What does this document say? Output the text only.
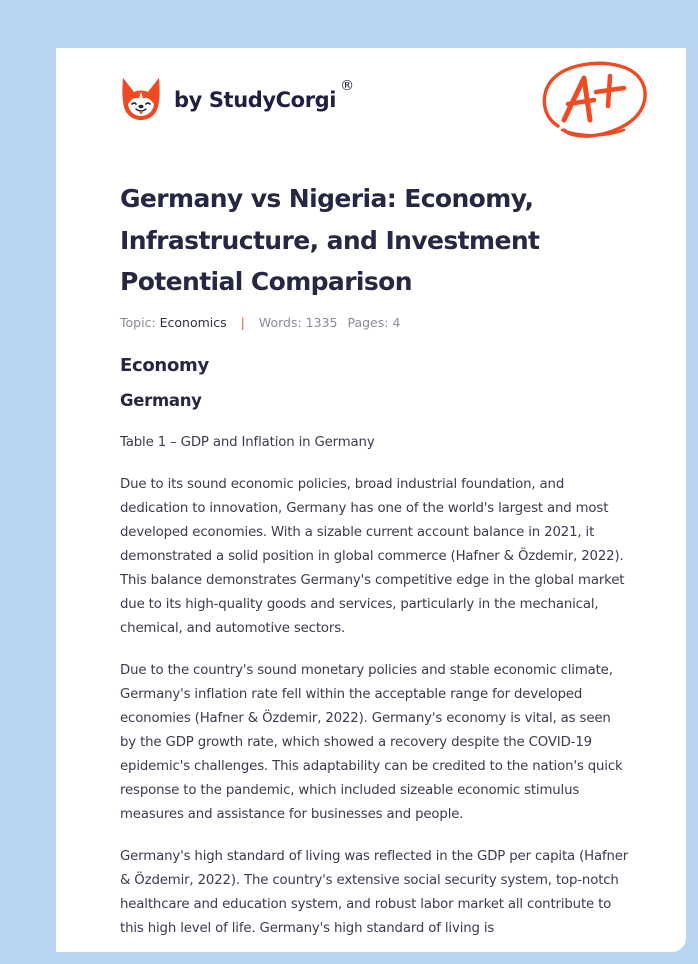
by StudyCorgi
®
Germany vs Nigeria: Economy, Infrastructure, and Investment Potential Comparison
Topic: Economics | Words: 1335 Pages: 4
Economy
Germany

Table 1 – GDP and Inflation in Germany

Due to its sound economic policies, broad industrial foundation, and dedication to innovation, Germany has one of the world's largest and most developed economies. With a sizable current account balance in 2021, it demonstrated a solid position in global commerce (Hafner & Özdemir, 2022). This balance demonstrates Germany's competitive edge in the global market due to its high-quality goods and services, particularly in the mechanical, chemical, and automotive sectors.

Due to the country's sound monetary policies and stable economic climate, Germany's inflation rate fell within the acceptable range for developed economies (Hafner & Özdemir, 2022). Germany's economy is vital, as seen by the GDP growth rate, which showed a recovery despite the COVID-19 epidemic's challenges. This adaptability can be credited to the nation's quick response to the pandemic, which included sizeable economic stimulus measures and assistance for businesses and people.

Germany's high standard of living was reflected in the GDP per capita (Hafner & Özdemir, 2022). The country's extensive social security system, top-notch healthcare and education system, and robust labor market all contribute to this high level of life. Germany's high standard of living is
